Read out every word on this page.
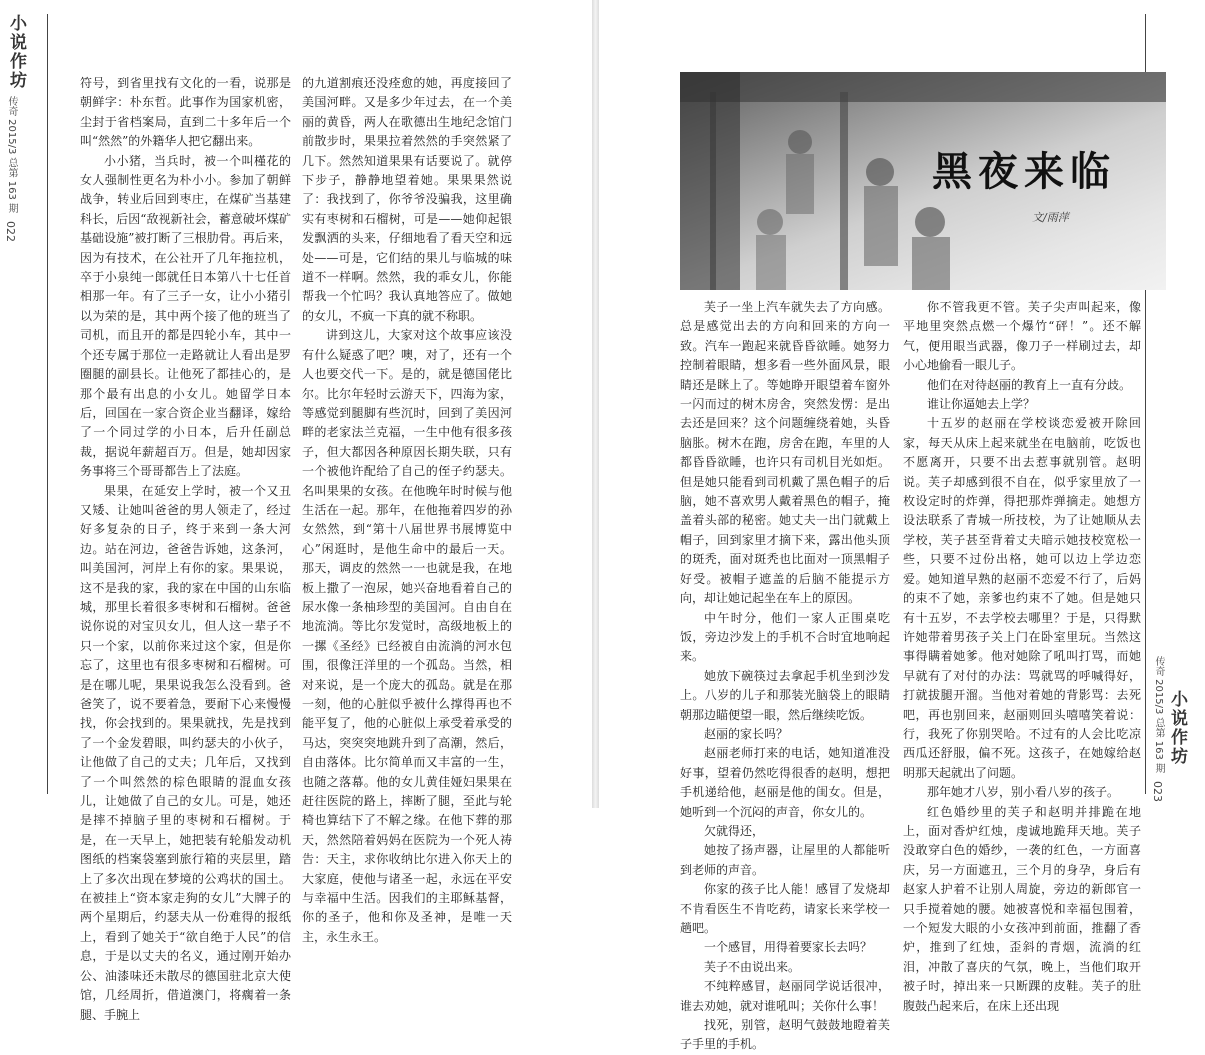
小说作坊
传奇 2015/3 总第 163 期
022

符号，到省里找有文化的一看，说那是朝鲜字：朴东哲。此事作为国家机密，尘封于省档案局，直到二十多年后一个叫“然然”的外籍华人把它翻出来。

小小猪，当兵时，被一个叫槿花的女人强制性更名为朴小小。参加了朝鲜战争，转业后回到枣庄，在煤矿当基建科长，后因“敌视新社会，蓄意破坏煤矿基础设施”被打断了三根肋骨。再后来，因为有技术，在公社开了几年拖拉机，卒于小泉纯一郎就任日本第八十七任首相那一年。有了三子一女，让小小猪引以为荣的是，其中两个接了他的班当了司机，而且开的都是四轮小车，其中一个还专属于那位一走路就让人看出是罗圈腿的副县长。让他死了都挂心的，是那个最有出息的小女儿。她留学日本后，回国在一家合资企业当翻译，嫁给了一个同过学的小日本，后升任副总裁，据说年薪超百万。但是，她却因家务事将三个哥哥都告上了法庭。

果果，在延安上学时，被一个又丑又矮、让她叫爸爸的男人领走了，经过好多复杂的日子，终于来到一条大河边。站在河边，爸爸告诉她，这条河，叫美国河，河岸上有你的家。果果说，这不是我的家，我的家在中国的山东临城，那里长着很多枣树和石榴树。爸爸说你说的对宝贝女儿，但人这一辈子不只一个家，以前你来过这个家，但是你忘了，这里也有很多枣树和石榴树。可是在哪儿呢，果果说我怎么没看到。爸爸笑了，说不要着急，要耐下心来慢慢找，你会找到的。果果就找，先是找到了一个金发碧眼，叫约瑟夫的小伙子，让他做了自己的丈夫；几年后，又找到了一个叫然然的棕色眼睛的混血女孩儿，让她做了自己的女儿。可是，她还是摔不掉脑子里的枣树和石榴树。于是，在一天早上，她把装有轮船发动机图纸的档案袋塞到旅行箱的夹层里，踏上了多次出现在梦境的公鸡状的国土。在被挂上“资本家走狗的女儿”大牌子的两个星期后，约瑟夫从一份难得的报纸上，看到了她关于“欲自绝于人民”的信息，于是以丈夫的名义，通过刚开始办公、油漆味还未散尽的德国驻北京大使馆，几经周折，借道澳门，将瘸着一条腿、手腕上

的九道割痕还没痊愈的她，再度接回了美国河畔。又是多少年过去，在一个美丽的黄昏，两人在歌德出生地纪念馆门前散步时，果果拉着然然的手突然紧了几下。然然知道果果有话要说了。就停下步子，静静地望着她。果果果然说了：我找到了，你爷爷没骗我，这里确实有枣树和石榴树，可是——她仰起银发飘洒的头来，仔细地看了看天空和远处——可是，它们结的果儿与临城的味道不一样啊。然然，我的乖女儿，你能帮我一个忙吗？我认真地答应了。做她的女儿，不疯一下真的就不称职。

讲到这儿，大家对这个故事应该没有什么疑惑了吧？噢，对了，还有一个人也要交代一下。是的，就是德国佬比尔。比尔年轻时云游天下，四海为家，等感觉到腿脚有些沉时，回到了美因河畔的老家法兰克福，一生中他有很多孩子，但大都因各种原因长期失联，只有一个被他许配给了自己的侄子约瑟夫。名叫果果的女孩。在他晚年时时候与他生活在一起。那年，在他拖着四岁的孙女然然，到“第十八届世界书展博览中心”闲逛时，是他生命中的最后一天。那天，调皮的然然一一也就是我，在地板上撒了一泡尿，她兴奋地看着自己的尿水像一条柚珍型的美国河。自由自在地流淌。等比尔发觉时，高级地板上的一摞《圣经》已经被自由流淌的河水包围，很像汪洋里的一个孤岛。当然，相对来说，是一个庞大的孤岛。就是在那一刻，他的心脏似乎被什么撑得再也不能平复了，他的心脏似上承受着承受的马达，突突突地跳升到了高潮，然后，自由落体。比尔简单而又丰富的一生，也随之落幕。他的女儿黄佳娅妇果果在赶往医院的路上，摔断了腿，至此与轮椅也算结下了不解之缘。在他下葬的那天，然然陪着妈妈在医院为一个死人祷告：天主，求你收纳比尔进入你天上的大家庭，使他与诸圣一起，永远在平安与幸福中生活。因我们的主耶稣基督，你的圣子，他和你及圣神，是唯一天主，永生永王。

传奇 2015/3 总第 163 期
023
小说作坊
黑夜来临
文/雨萍

芙子一坐上汽车就失去了方向感。总是感觉出去的方向和回来的方向一致。汽车一跑起来就昏昏欲睡。她努力控制着眼睛，想多看一些外面风景，眼睛还是眯上了。等她睁开眼望着车窗外一闪而过的树木房舍，突然发愣：是出去还是回来？这个问题缠绕着她，头昏脑胀。树木在跑，房舍在跑，车里的人都昏昏欲睡，也许只有司机目光如炬。但是她只能看到司机戴了黑色帽子的后脑，她不喜欢男人戴着黑色的帽子，掩盖着头部的秘密。她丈夫一出门就戴上帽子，回到家里才摘下来，露出他头顶的斑秃，面对斑秃也比面对一顶黑帽子好受。被帽子遮盖的后脑不能提示方向，却让她记起坐在车上的原因。

中午时分，他们一家人正围桌吃饭，旁边沙发上的手机不合时宜地响起来。

她放下碗筷过去拿起手机坐到沙发上。八岁的儿子和那装光脑袋上的眼睛朝那边瞄便望一眼，然后继续吃饭。

赵丽的家长吗？

赵丽老师打来的电话，她知道准没好事，望着仍然吃得很香的赵明，想把手机递给他，赵丽是他的闺女。但是，她听到一个沉闷的声音，你女儿的。

欠就得还，

她按了扬声器，让屋里的人都能听到老师的声音。

你家的孩子比人能！感冒了发烧却不肯看医生不肯吃药，请家长来学校一趟吧。

一个感冒，用得着要家长去吗？

芙子不由说出来。

不纯粹感冒，赵丽同学说话很冲，谁去劝她，就对谁吼叫；关你什么事！

找死，别管，赵明气鼓鼓地瞪着芙子手里的手机。

你不管我更不管。芙子尖声叫起来，像平地里突然点燃一个爆竹“砰！”。还不解气，便用眼当武器，像刀子一样刷过去，却小心地偷看一眼儿子。

他们在对待赵丽的教育上一直有分歧。

谁让你逼她去上学？

十五岁的赵丽在学校谈恋爱被开除回家，每天从床上起来就坐在电脑前，吃饭也不愿离开，只要不出去惹事就别管。赵明说。芙子却感到很不自在，似乎家里放了一枚设定时的炸弹，得把那炸弹摘走。她想方设法联系了青城一所技校，为了让她顺从去学校，芙子甚至背着丈夫暗示她技校宽松一些，只要不过份出格，她可以边上学边恋爱。她知道早熟的赵丽不恋爱不行了，后妈的束不了她，亲爹也约束不了她。但是她只有十五岁，不去学校去哪里？于是，只得默许她带着男孩子关上门在卧室里玩。当然这事得瞒着她爹。他对她除了吼叫打骂，而她早就有了对付的办法：骂就骂的呼喊得好，打就拔腿开溜。当他对着她的背影骂：去死吧，再也别回来，赵丽则回头嘻嘻笑着说：行，我死了你别哭哈。不过有的人会比吃凉西瓜还舒服，偏不死。这孩子，在她嫁给赵明那天起就出了问题。

那年她才八岁，别小看八岁的孩子。

红色婚纱里的芙子和赵明并排跪在地上，面对香炉红烛，虔诚地跪拜天地。芙子没敢穿白色的婚纱，一袭的红色，一方面喜庆，另一方面遮丑，三个月的身孕，身后有赵家人护着不让别人周旋，旁边的新郎官一只手搅着她的腰。她被喜悦和幸福包围着，一个短发大眼的小女孩冲到前面，推翻了香炉，推到了红烛，歪斜的青烟，流淌的红泪，冲散了喜庆的气氛，晚上，当他们取开被子时，掉出来一只断踝的皮鞋。芙子的肚腹鼓凸起来后，在床上还出现
